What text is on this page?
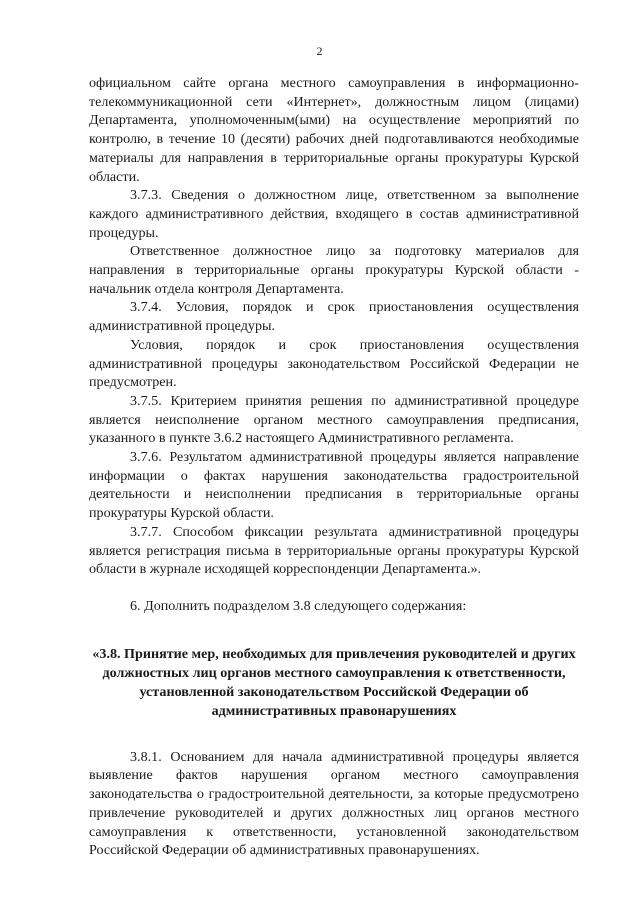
2

официальном сайте органа местного самоуправления в информационно-телекоммуникационной сети «Интернет», должностным лицом (лицами) Департамента, уполномоченным(ыми) на осуществление мероприятий по контролю, в течение 10 (десяти) рабочих дней подготавливаются необходимые материалы для направления в территориальные органы прокуратуры Курской области.

3.7.3. Сведения о должностном лице, ответственном за выполнение каждого административного действия, входящего в состав административной процедуры.

Ответственное должностное лицо за подготовку материалов для направления в территориальные органы прокуратуры Курской области - начальник отдела контроля Департамента.

3.7.4. Условия, порядок и срок приостановления осуществления административной процедуры.

Условия, порядок и срок приостановления осуществления административной процедуры законодательством Российской Федерации не предусмотрен.

3.7.5. Критерием принятия решения по административной процедуре является неисполнение органом местного самоуправления предписания, указанного в пункте 3.6.2 настоящего Административного регламента.

3.7.6. Результатом административной процедуры является направление информации о фактах нарушения законодательства градостроительной деятельности и неисполнении предписания в территориальные органы прокуратуры Курской области.

3.7.7. Способом фиксации результата административной процедуры является регистрация письма в территориальные органы прокуратуры Курской области в журнале исходящей корреспонденции Департамента.».

6. Дополнить подразделом 3.8 следующего содержания:

«3.8. Принятие мер, необходимых для привлечения руководителей и других должностных лиц органов местного самоуправления к ответственности, установленной законодательством Российской Федерации об административных правонарушениях

3.8.1. Основанием для начала административной процедуры является выявление фактов нарушения органом местного самоуправления законодательства о градостроительной деятельности, за которые предусмотрено привлечение руководителей и других должностных лиц органов местного самоуправления к ответственности, установленной законодательством Российской Федерации об административных правонарушениях.
